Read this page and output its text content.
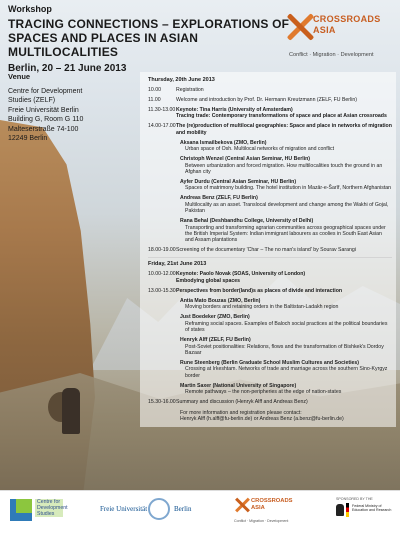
Workshop
TRACING CONNECTIONS – EXPLORATIONS OF
SPACES AND PLACES IN ASIAN MULTILOCALITIES
Berlin, 20 – 21 June 2013
CROSSROADS
ASIA
Conflict · Migration · Development
Venue
Centre for Development
Studies (ZELF)
Freie Universität Berlin
Building G, Room G 110
Malteserstraße 74-100
12249 Berlin
Thursday, 20th June 2013
10.00	Registration
11.00	Welcome and introduction by Prof. Dr. Hermann Kreutzmann (ZELF, FU Berlin)
11.30-13.00 Keynote: Tina Harris (University of Amsterdam)
Tracing trade: Contemporary transformations of space and place at Asian crossroads
14.00-17.00 The (re)production of multilocal geographies: Space and place in networks of migration and mobility
Aksana Ismailbekova (ZMO, Berlin)
Urban space of Osh. Multilocal networks of migration and conflict
Christoph Wenzel (Central Asian Seminar, HU Berlin)
Between urbanization and forced migration. How multilocalities touch the ground in an Afghan city
Ayfer Durdu (Central Asian Seminar, HU Berlin)
Spaces of matrimony building. The hotel institution in Mazār-e-Šarīf, Northern Afghanistan
Andreas Benz (ZELF, FU Berlin)
Multilocality as an asset. Translocal development and change among the Wakhi of Gojal, Pakistan
Rana Behal (Deshbandhu College, University of Delhi)
Transporting and transforming agrarian communities across geographical spaces under the British Imperial System: Indian immigrant labourers as coolies in South East Asian and Assam plantations
18.00-19.00 Screening of the documentary 'Char – The no man's island' by Sourav Sarangi
Friday, 21st June 2013
10.00-12.00 Keynote: Paolo Novak (SOAS, University of London)
Embodying global spaces
13.00-15.30 Perspectives from border(land)s as places of divide and interaction
Antía Mato Bouzas (ZMO, Berlin)
Moving borders and retaining orders in the Baltistan-Ladakh region
Just Boedeker (ZMO, Berlin)
Reframing social spaces. Examples of Baloch social practices at the political boundaries of states
Henryk Alff (ZELF, FU Berlin)
Post-Soviet positionalities: Relations, flows and the transformation of Bishkek's Dordoy Bazaar
Rune Steenberg (Berlin Graduate School Muslim Cultures and Societies)
Crossing at Irkeshtam. Networks of trade and marriage across the southern Sino-Kyrgyz border
Martin Saxer (National University of Singapore)
Remote pathways – the non-peripheries at the edge of nation-states
15.30-16.00 Summary and discussion (Henryk Alff and Andreas Benz)
For more information and registration please contact:
Henryk Alff (h.alff@fu-berlin.de) or Andreas Benz (a.benz@fu-berlin.de)
Centre for Development Studies
Freie Universität	Berlin
CROSSROADS
ASIA
Conflict · Migration · Development
SPONSORED BY THE
Federal Ministry of Education and Research
